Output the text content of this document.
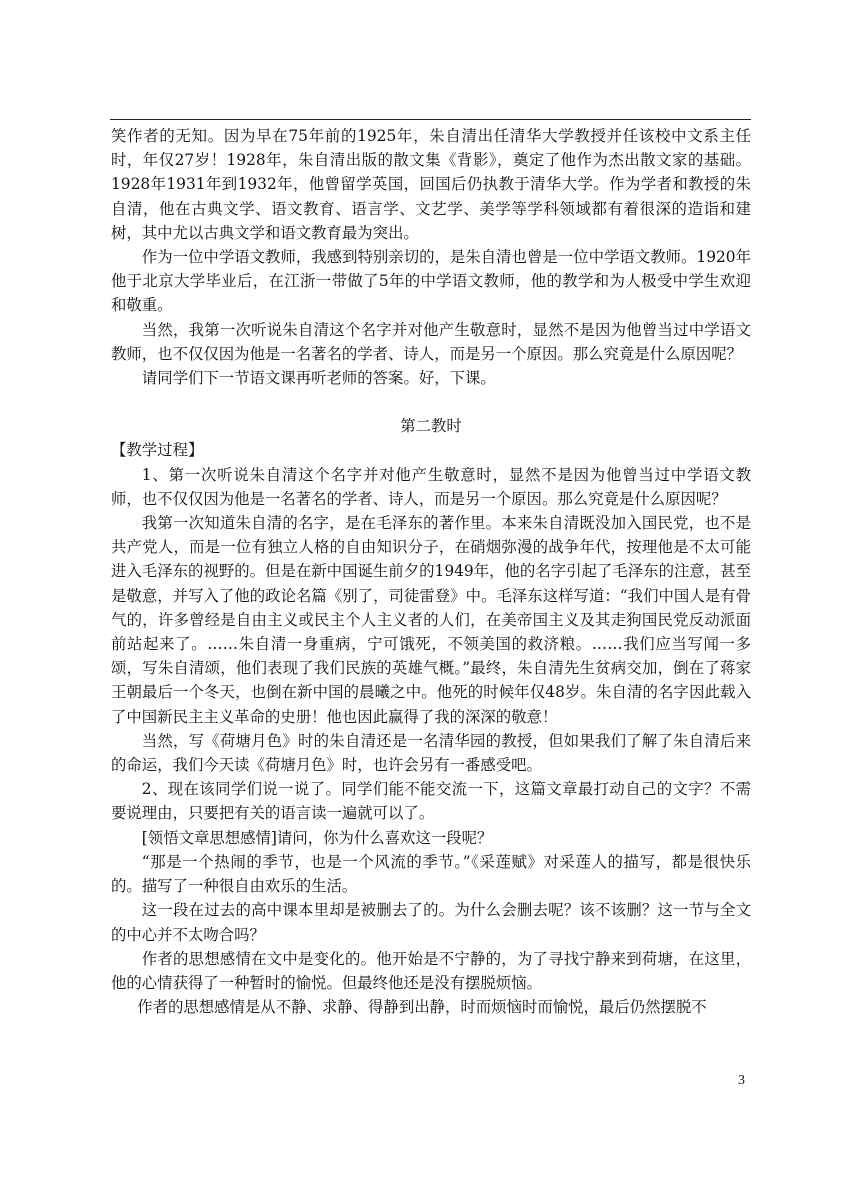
笑作者的无知。因为早在75年前的1925年，朱自清出任清华大学教授并任该校中文系主任时，年仅27岁！1928年，朱自清出版的散文集《背影》，奠定了他作为杰出散文家的基础。1928年1931年到1932年，他曾留学英国，回国后仍执教于清华大学。作为学者和教授的朱自清，他在古典文学、语文教育、语言学、文艺学、美学等学科领域都有着很深的造诣和建树，其中尤以古典文学和语文教育最为突出。

作为一位中学语文教师，我感到特别亲切的，是朱自清也曾是一位中学语文教师。1920年他于北京大学毕业后，在江浙一带做了5年的中学语文教师，他的教学和为人极受中学生欢迎和敬重。

当然，我第一次听说朱自清这个名字并对他产生敬意时，显然不是因为他曾当过中学语文教师，也不仅仅因为他是一名著名的学者、诗人，而是另一个原因。那么究竟是什么原因呢？

请同学们下一节语文课再听老师的答案。好，下课。

第二教时

【教学过程】

1、第一次听说朱自清这个名字并对他产生敬意时，显然不是因为他曾当过中学语文教师，也不仅仅因为他是一名著名的学者、诗人，而是另一个原因。那么究竟是什么原因呢？

我第一次知道朱自清的名字，是在毛泽东的著作里。本来朱自清既没加入国民党，也不是共产党人，而是一位有独立人格的自由知识分子，在硝烟弥漫的战争年代，按理他是不太可能进入毛泽东的视野的。但是在新中国诞生前夕的1949年，他的名字引起了毛泽东的注意，甚至是敬意，并写入了他的政论名篇《别了，司徒雷登》中。毛泽东这样写道：“我们中国人是有骨气的，许多曾经是自由主义或民主个人主义者的人们，在美帝国主义及其走狗国民党反动派面前站起来了。……朱自清一身重病，宁可饿死，不领美国的救济粮。……我们应当写闻一多颂，写朱自清颂，他们表现了我们民族的英雄气概。”最终，朱自清先生贫病交加，倒在了蒋家王朝最后一个冬天，也倒在新中国的晨曦之中。他死的时候年仅48岁。朱自清的名字因此载入了中国新民主主义革命的史册！他也因此赢得了我的深深的敬意！

当然，写《荷塘月色》时的朱自清还是一名清华园的教授，但如果我们了解了朱自清后来的命运，我们今天读《荷塘月色》时，也许会另有一番感受吧。

2、现在该同学们说一说了。同学们能不能交流一下，这篇文章最打动自己的文字？不需要说理由，只要把有关的语言读一遍就可以了。

[领悟文章思想感情]请问，你为什么喜欢这一段呢？

“那是一个热闹的季节，也是一个风流的季节。”《采莲赋》对采莲人的描写，都是很快乐的。描写了一种很自由欢乐的生活。

这一段在过去的高中课本里却是被删去了的。为什么会删去呢？该不该删？这一节与全文的中心并不太吻合吗？

作者的思想感情在文中是变化的。他开始是不宁静的，为了寻找宁静来到荷塘，在这里，他的心情获得了一种暂时的愉悦。但最终他还是没有摆脱烦恼。

作者的思想感情是从不静、求静、得静到出静，时而烦恼时而愉悦，最后仍然摆脱不

3
